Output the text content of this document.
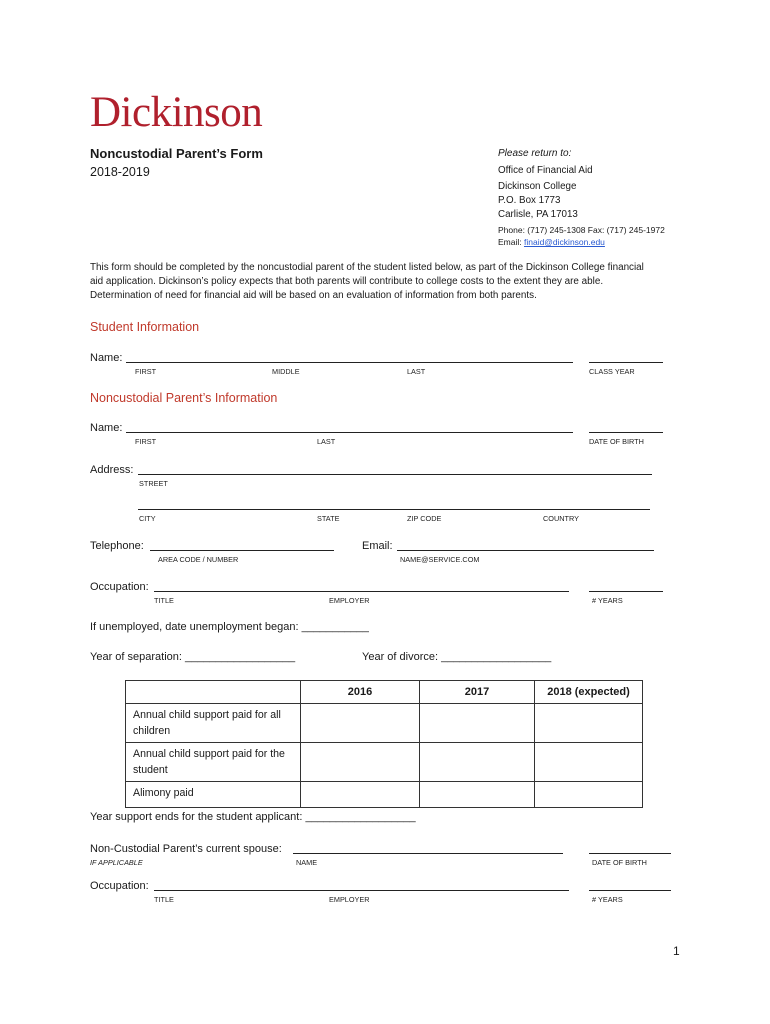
Dickinson
Noncustodial Parent’s Form
2018-2019
Please return to:
Office of Financial Aid
Dickinson College
P.O. Box 1773
Carlisle, PA 17013
Phone: (717) 245-1308 Fax: (717) 245-1972
Email: finaid@dickinson.edu
This form should be completed by the noncustodial parent of the student listed below, as part of the Dickinson College financial
aid application. Dickinson’s policy expects that both parents will contribute to college costs to the extent they are able.
Determination of need for financial aid will be based on an evaluation of information from both parents.
Student Information
Name:
FIRST	MIDDLE	LAST	CLASS YEAR
Noncustodial Parent’s Information
Name:
FIRST	LAST	DATE OF BIRTH
Address:
STREET
CITY	STATE	ZIP CODE	COUNTRY
Telephone:
AREA CODE / NUMBER
Email:
NAME@SERVICE.COM
Occupation:
TITLE	EMPLOYER	# YEARS
If unemployed, date unemployment began: ___________
Year of separation: __________________	Year of divorce: __________________
	2016	2017	2018 (expected)
Annual child support paid for all children			
Annual child support paid for the student			
Alimony paid			
Year support ends for the student applicant: __________________
Non-Custodial Parent’s current spouse:
IF APPLICABLE	NAME	DATE OF BIRTH
Occupation:
TITLE	EMPLOYER	# YEARS
1
